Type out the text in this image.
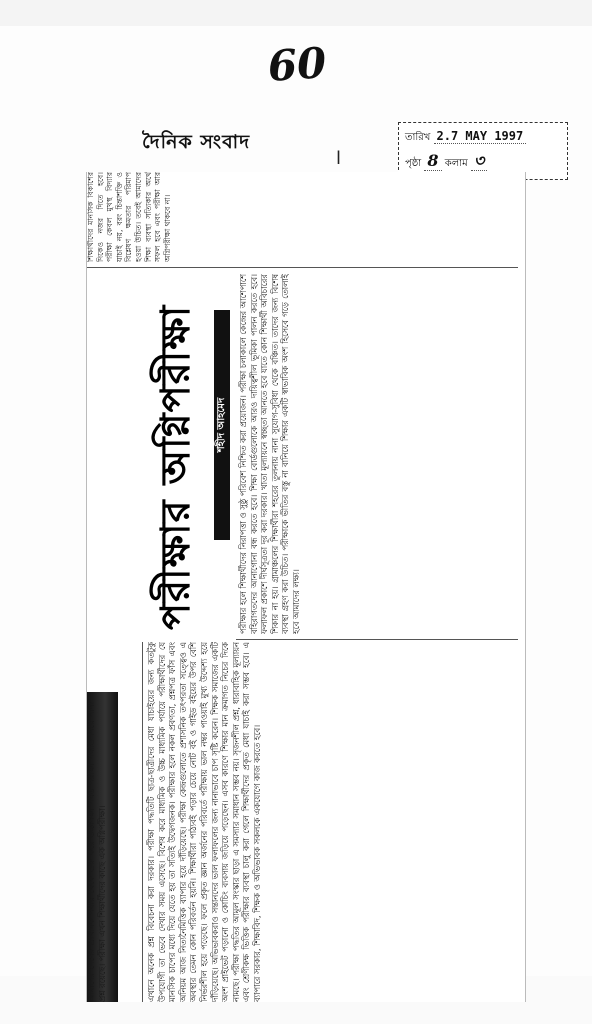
60
দৈনিক সংবাদ
l
তারিখ 2.7 MAY 1997
পৃষ্ঠা 8 কলাম ৩
আমাদের দেশের প্রাথমিক পর্যায় থেকে শুরু করে উচ্চশিক্ষা পর্যন্ত পরীক্ষা পদ্ধতি নিয়ে নানা প্রশ্ন রয়েছে। পরীক্ষা এখন শিক্ষার্থীদের কাছে এক অগ্নিপরীক্ষা।	এখানে অনেক প্রশ্ন বিবেচনা করা দরকার। পরীক্ষা পদ্ধতিটি ছাত্র-ছাত্রীদের মেধা যাচাইয়ের জন্য কতটুকু উপযোগী তা ভেবে দেখার সময় এসেছে। বিশেষ করে মাধ্যমিক ও উচ্চ মাধ্যমিক পর্যায়ে পরীক্ষার্থীদের যে মানসিক চাপের মধ্যে দিয়ে যেতে হয় তা সত্যিই উদ্বেগজনক। পরীক্ষার হলে নকল প্রবণতা, প্রশ্নপত্র ফাঁস এবং অনিয়ম আজ নিত্যনৈমিত্তিক ব্যাপার হয়ে দাঁড়িয়েছে। পরীক্ষা কেন্দ্রগুলোতে প্রশাসনিক তৎপরতা সত্ত্বেও এ অবস্থার তেমন কোন পরিবর্তন হয়নি। শিক্ষার্থীরা পাঠ্যবই পড়ার চেয়ে নোট বই ও গাইড বইয়ের উপর বেশি নির্ভরশীল হয়ে পড়েছে। ফলে প্রকৃত জ্ঞান অর্জনের পরিবর্তে পরীক্ষায় ভাল নম্বর পাওয়াই মুখ্য উদ্দেশ্য হয়ে দাঁড়িয়েছে। অভিভাবকরাও সন্তানদের ভাল ফলাফলের জন্য নানাভাবে চাপ সৃষ্টি করেন। শিক্ষক সমাজের একটি অংশ প্রাইভেট পড়ানো ও কোচিং ব্যবসায় জড়িয়ে পড়েছেন। এসব কারণে শিক্ষার মান ক্রমাগত নিচের দিকে নামছে। পরীক্ষা পদ্ধতির আমূল সংস্কার ছাড়া এ সমস্যার সমাধান সম্ভব নয়। সৃজনশীল প্রশ্ন, ধারাবাহিক মূল্যায়ন এবং শ্রেণীকক্ষ ভিত্তিক পরীক্ষার ব্যবস্থা চালু করা গেলে শিক্ষার্থীদের প্রকৃত মেধা যাচাই করা সম্ভব হবে। এ ব্যাপারে সরকার, শিক্ষাবিদ, শিক্ষক ও অভিভাবক সকলকে একযোগে কাজ করতে হবে।
পরীক্ষার অগ্নিপরীক্ষা	শহীদ আহমেদ	পরীক্ষার হলে শিক্ষার্থীদের নিরাপত্তা ও সুষ্ঠু পরিবেশ নিশ্চিত করা প্রয়োজন। পরীক্ষা চলাকালে কেন্দ্রের আশেপাশে বহিরাগতদের আনাগোনা বন্ধ করতে হবে। শিক্ষা বোর্ডগুলোকে আরও দায়িত্বশীল ভূমিকা পালন করতে হবে। ফলাফল প্রকাশে দীর্ঘসূত্রতা দূর করা দরকার। খাতা মূল্যায়নে স্বচ্ছতা আনতে হবে যাতে কোন শিক্ষার্থী অবিচারের শিকার না হয়। গ্রামাঞ্চলের শিক্ষার্থীরা শহরের তুলনায় নানা সুযোগ-সুবিধা থেকে বঞ্চিত। তাদের জন্য বিশেষ ব্যবস্থা গ্রহণ করা উচিত। পরীক্ষাকে ভীতির বস্তু না বানিয়ে শিক্ষার একটি স্বাভাবিক অংশ হিসেবে গড়ে তোলাই হবে আমাদের লক্ষ্য।
শিক্ষার্থীদের মানসিক বিকাশের দিকেও নজর দিতে হবে। পরীক্ষা কেবল মুখস্থ বিদ্যার যাচাই নয়, বরং চিন্তাশক্তি ও বিশ্লেষণ ক্ষমতার পরিমাপ হওয়া উচিত। তবেই আমাদের শিক্ষা ব্যবস্থা সত্যিকার অর্থে সফল হবে এবং পরীক্ষা আর অগ্নিপরীক্ষা থাকবে না।
